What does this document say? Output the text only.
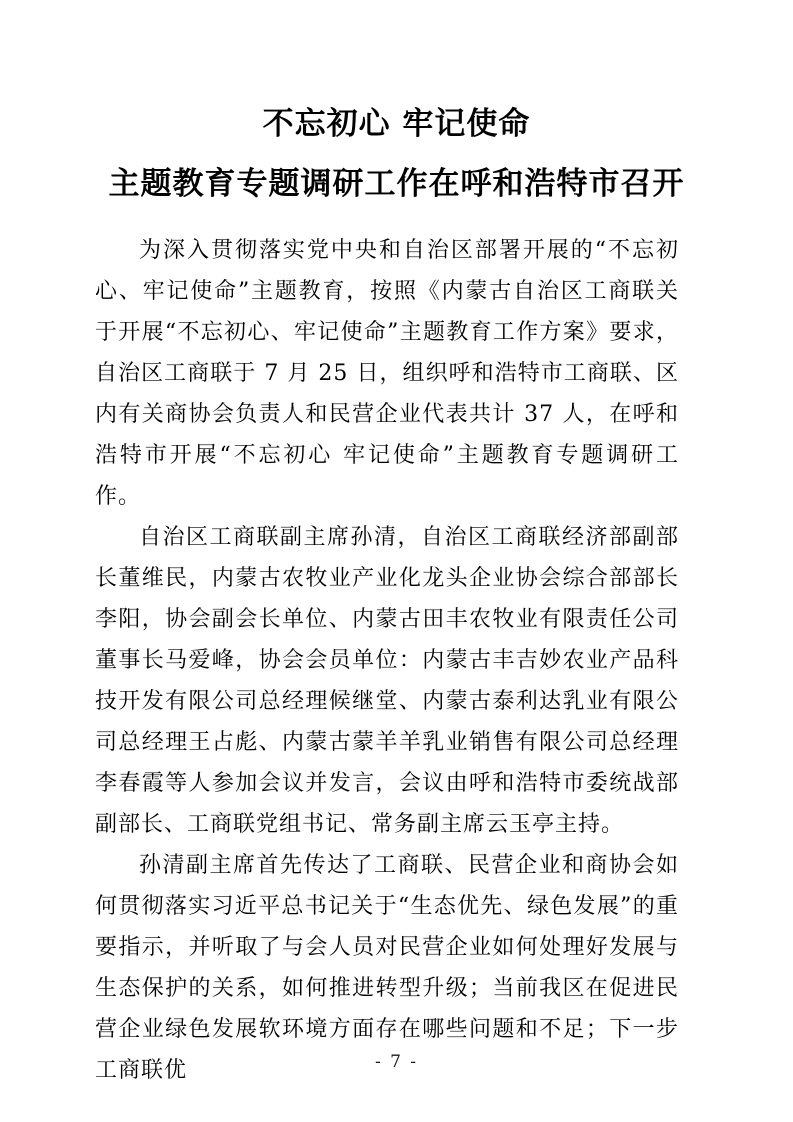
不忘初心 牢记使命
主题教育专题调研工作在呼和浩特市召开

为深入贯彻落实党中央和自治区部署开展的“不忘初心、牢记使命”主题教育，按照《内蒙古自治区工商联关于开展“不忘初心、牢记使命”主题教育工作方案》要求，自治区工商联于 7 月 25 日，组织呼和浩特市工商联、区内有关商协会负责人和民营企业代表共计 37 人，在呼和浩特市开展“不忘初心 牢记使命”主题教育专题调研工作。

自治区工商联副主席孙清，自治区工商联经济部副部长董维民，内蒙古农牧业产业化龙头企业协会综合部部长李阳，协会副会长单位、内蒙古田丰农牧业有限责任公司董事长马爱峰，协会会员单位：内蒙古丰吉妙农业产品科技开发有限公司总经理候继堂、内蒙古泰利达乳业有限公司总经理王占彪、内蒙古蒙羊羊乳业销售有限公司总经理李春霞等人参加会议并发言，会议由呼和浩特市委统战部副部长、工商联党组书记、常务副主席云玉亭主持。

孙清副主席首先传达了工商联、民营企业和商协会如何贯彻落实习近平总书记关于“生态优先、绿色发展”的重要指示，并听取了与会人员对民营企业如何处理好发展与生态保护的关系，如何推进转型升级；当前我区在促进民营企业绿色发展软环境方面存在哪些问题和不足；下一步工商联优	- 7 -
